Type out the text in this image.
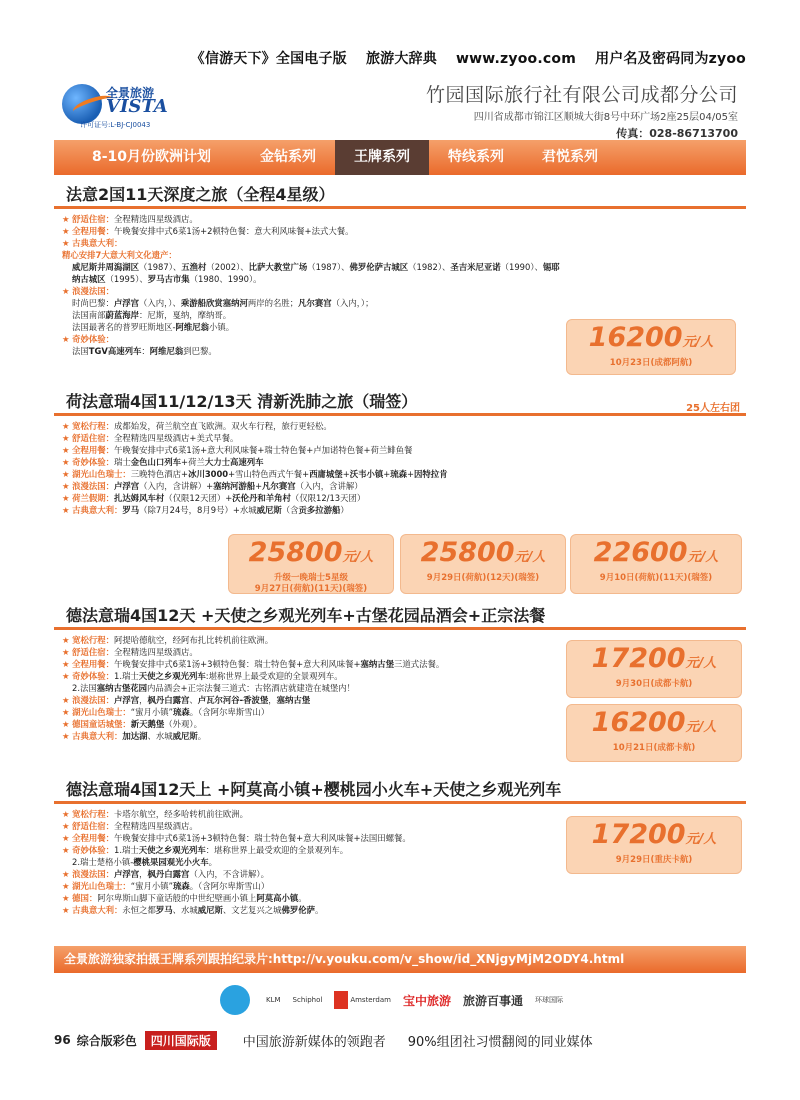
《信游天下》全国电子版 旅游大辞典 www.zyoo.com 用户名及密码同为zyoo
全景旅游
VISTA
许可证号:L-BJ-CJ0043
竹园国际旅行社有限公司成都分公司
四川省成都市锦江区顺城大街8号中环广场2座25层04/05室
传真：028-86713700
8-10月份欧洲计划	金钻系列	王牌系列	特线系列	君悦系列
法意2国11天深度之旅（全程4星级）
★ 舒适住宿：全程精选四星级酒店。
★ 全程用餐：午晚餐安排中式6菜1汤+2顿特色餐：意大利风味餐+法式大餐。
★ 古典意大利：
精心安排7大意大利文化遗产：
威尼斯井周潟湖区（1987）、五渔村（2002）、比萨大教堂广场（1987）、佛罗伦萨古城区（1982）、圣吉米尼亚诺（1990）、锡耶
纳古城区（1995）、罗马古市集（1980、1990）。
★ 浪漫法国：
时尚巴黎：卢浮宫（入内，）、乘游船欣赏塞纳河两岸的名胜；凡尔赛宫（入内，）；
法国南部蔚蓝海岸：尼斯，戛纳，摩纳哥。
法国最著名的普罗旺斯地区-阿维尼翁小镇。
★ 奇妙体验：
法国TGV高速列车：阿维尼翁到巴黎。	16200元/人
10月23日(成都阿航)
荷法意瑞4国11/12/13天 清新洗肺之旅（瑞签）	25人左右团
★ 宽松行程：成都始发，荷兰航空直飞欧洲。双火车行程，旅行更轻松。
★ 舒适住宿：全程精选四星级酒店+美式早餐。
★ 全程用餐：午晚餐安排中式6菜1汤+意大利风味餐+瑞士特色餐+卢加诺特色餐+荷兰鲱鱼餐
★ 奇妙体验：瑞士金色山口列车+荷兰大力士高速列车
★ 湖光山色瑞士：三晚特色酒店+冰川3000+雪山特色西式午餐+西庸城堡+沃韦小镇+琉森+因特拉肯
★ 浪漫法国：卢浮宫（入内，含讲解）+塞纳河游船+凡尔赛宫（入内，含讲解）
★ 荷兰假期：扎达姆风车村（仅限12天团）+沃伦丹和羊角村（仅限12/13天团）
★ 古典意大利：罗马（除7月24号，8月9号）+水城威尼斯（含贡多拉游船）
25800元/人
升级一晚瑞士5星级
9月27日(荷航)(11天)(瑞签)
25800元/人
9月29日(荷航)(12天)(瑞签)
22600元/人
9月10日(荷航)(11天)(瑞签)
德法意瑞4国12天 +天使之乡观光列车+古堡花园品酒会+正宗法餐
★ 宽松行程：阿提哈德航空，经阿布扎比转机前往欧洲。
★ 舒适住宿：全程精选四星级酒店。
★ 全程用餐：午晚餐安排中式6菜1汤+3顿特色餐：瑞士特色餐+意大利风味餐+塞纳古堡三道式法餐。
★ 奇妙体验：1.瑞士天使之乡观光列车:堪称世界上最受欢迎的全景观列车。
2.法国塞纳古堡花园内品酒会+正宗法餐三道式：古铭酒店就建造在城堡内！
★ 浪漫法国：卢浮宫，枫丹白露宫、卢瓦尔河谷-香波堡，塞纳古堡
★ 湖光山色瑞士：“蜜月小镇”琉森。（含阿尔卑斯雪山）
★ 德国童话城堡：新天鹅堡（外观）。
★ 古典意大利：加达湖、水城威尼斯。
17200元/人
9月30日(成都卡航)
16200元/人
10月21日(成都卡航)
德法意瑞4国12天上 +阿莫高小镇+樱桃园小火车+天使之乡观光列车
★ 宽松行程：卡塔尔航空，经多哈转机前往欧洲。
★ 舒适住宿：全程精选四星级酒店。
★ 全程用餐：午晚餐安排中式6菜1汤+3顿特色餐：瑞士特色餐+意大利风味餐+法国田螺餐。
★ 奇妙体验：1.瑞士天使之乡观光列车：堪称世界上最受欢迎的全景观列车。
2.瑞士楚格小镇-樱桃果园观光小火车。
★ 浪漫法国：卢浮宫，枫丹白露宫（入内，不含讲解）。
★ 湖光山色瑞士：“蜜月小镇”琉森。（含阿尔卑斯雪山）
★ 德国：阿尔卑斯山脚下童话般的中世纪壁画小镇上阿莫高小镇。
★ 古典意大利：永恒之都罗马、水城威尼斯、文艺复兴之城佛罗伦萨。
17200元/人
9月29日(重庆卡航)
全景旅游独家拍摄王牌系列跟拍纪录片:http://v.youku.com/v_show/id_XNjgyMjM2ODY4.html
KLM Schiphol	Amsterdam 宝中旅游 旅游百事通 环球国际
96 综合版彩色	四川国际版	中国旅游新媒体的领跑者 90%组团社习惯翻阅的同业媒体
